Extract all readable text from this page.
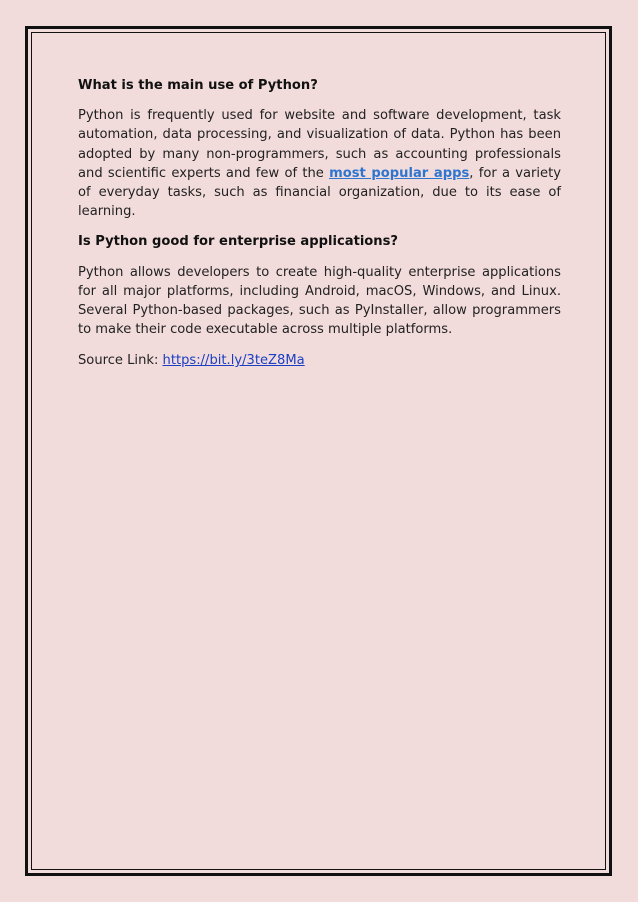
What is the main use of Python?

Python is frequently used for website and software development, task automation, data processing, and visualization of data. Python has been adopted by many non-programmers, such as accounting professionals and scientific experts and few of the most popular apps, for a variety of everyday tasks, such as financial organization, due to its ease of learning.

Is Python good for enterprise applications?

Python allows developers to create high-quality enterprise applications for all major platforms, including Android, macOS, Windows, and Linux. Several Python-based packages, such as PyInstaller, allow programmers to make their code executable across multiple platforms.

Source Link: https://bit.ly/3teZ8Ma
